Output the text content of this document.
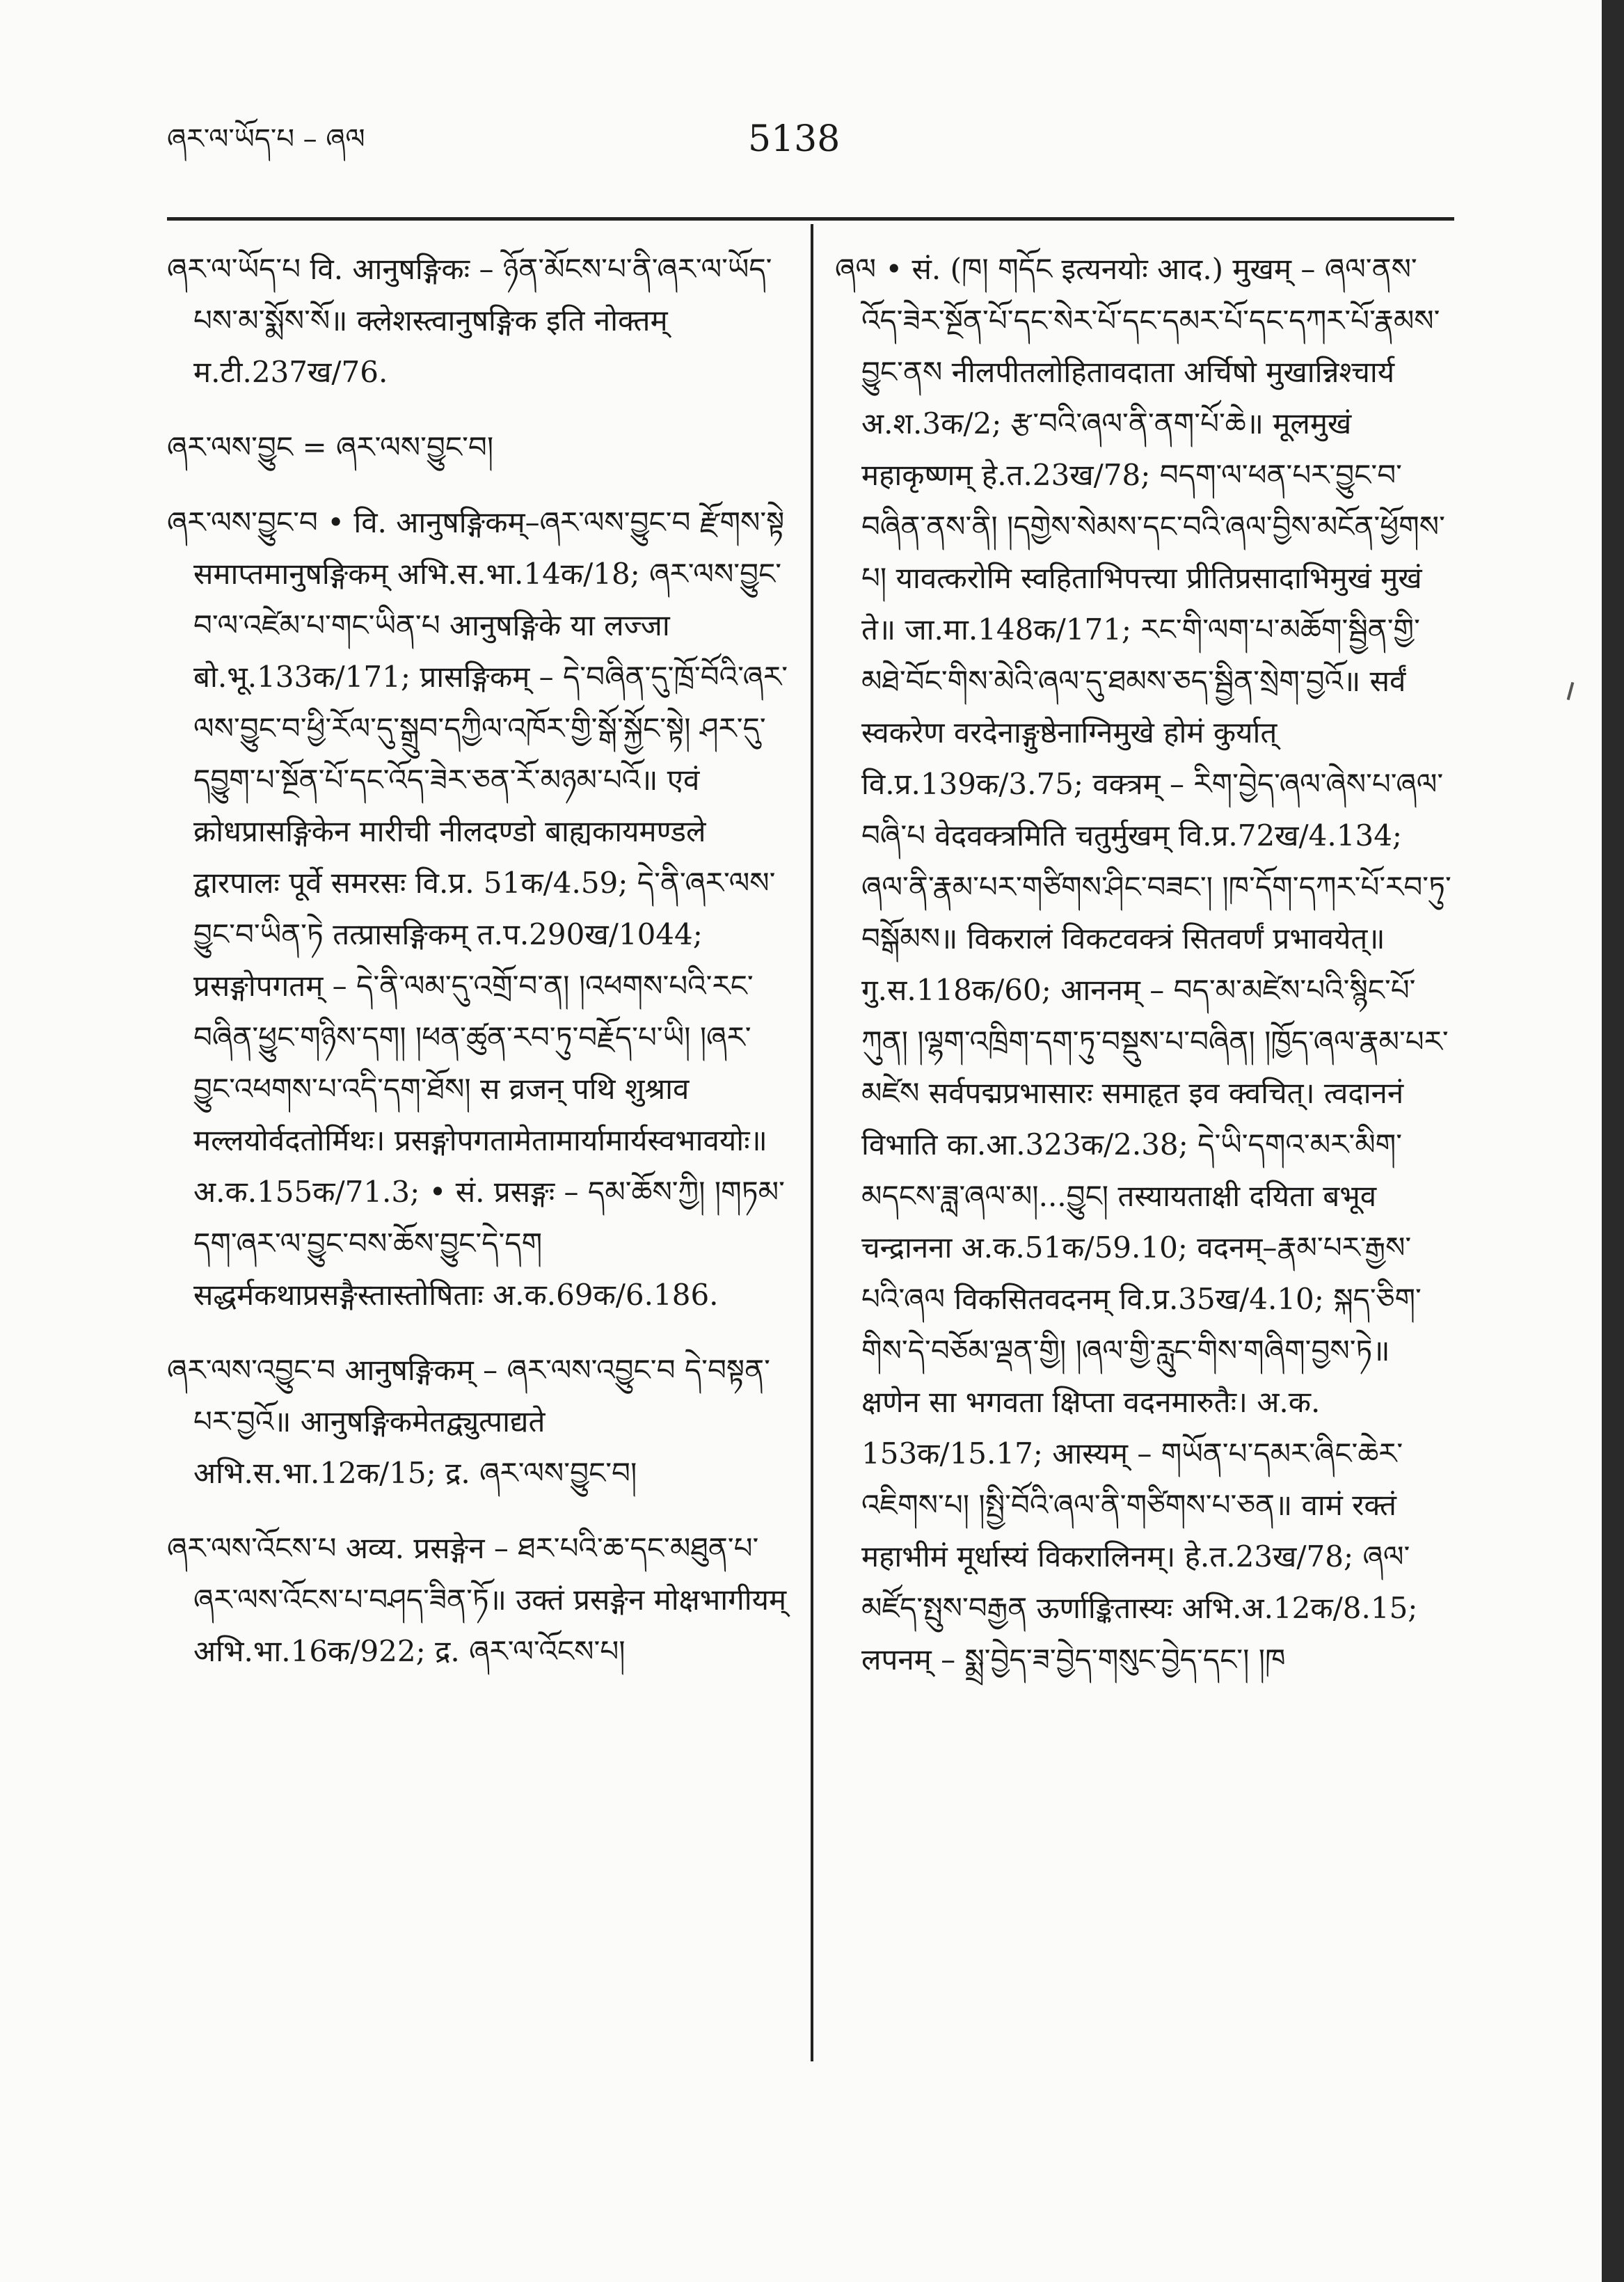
ཞར་ལ་ཡོད་པ – ཞལ	5138
ཞར་ལ་ཡོད་པ वि. आनुषङ्गिकः – ཉོན་མོངས་པ་ནི་ཞར་ལ་ཡོད་པས་མ་སྨོས་སོ॥ क्लेशस्त्वानुषङ्गिक इति नोक्तम् म.टी.237ख/76.
ཞར་ལས་བྱུང = ཞར་ལས་བྱུང་བ།
ཞར་ལས་བྱུང་བ • वि. आनुषङ्गिकम्–ཞར་ལས་བྱུང་བ རྫོགས་སྟེ समाप्तमानुषङ्गिकम् अभि.स.भा.14क/18; ཞར་ལས་བྱུང་བ་ལ་འཛེམ་པ་གང་ཡིན་པ आनुषङ्गिके या लज्जा बो.भू.133क/171; प्रासङ्गिकम् – དེ་བཞིན་དུ་ཁྲོ་བོའི་ཞར་ལས་བྱུང་བ་ཕྱི་རོལ་དུ་སྒྲུབ་དཀྱིལ་འཁོར་གྱི་སྒོ་སྐྱོང་སྟེ། ཤར་དུ་དབྱུག་པ་སྔོན་པོ་དང་འོད་ཟེར་ཅན་རོ་མཉམ་པའོ॥ एवं क्रोधप्रासङ्गिकेन मारीची नीलदण्डो बाह्यकायमण्डले द्वारपालः पूर्वे समरसः वि.प्र. 51क/4.59; དེ་ནི་ཞར་ལས་བྱུང་བ་ཡིན་ཏེ तत्प्रासङ्गिकम् त.प.290ख/1044; प्रसङ्गोपगतम् – དེ་ནི་ལམ་དུ་འགྲོ་བ་ན། །འཕགས་པའི་རང་བཞིན་ཕྱུང་གཉིས་དག། །ཕན་ཚུན་རབ་ཏུ་བརྗོད་པ་ཡི། །ཞར་བྱུང་འཕགས་པ་འདི་དག་ཐོས། स व्रजन् पथि शुश्राव मल्लयोर्वदतोर्मिथः। प्रसङ्गोपगतामेतामार्यामार्यस्वभावयोः॥ अ.क.155क/71.3; • सं. प्रसङ्गः – དམ་ཆོས་ཀྱི། །གཏམ་དག་ཞར་ལ་བྱུང་བས་ཆོས་བྱུང་དེ་དག सद्धर्मकथाप्रसङ्गैस्तास्तोषिताः अ.क.69क/6.186.
ཞར་ལས་འབྱུང་བ आनुषङ्गिकम् – ཞར་ལས་འབྱུང་བ དེ་བསྟན་པར་བྱའོ॥ आनुषङ्गिकमेतद्व्युत्पाद्यते अभि.स.भा.12क/15; द्र. ཞར་ལས་བྱུང་བ།
ཞར་ལས་འོངས་པ अव्य. प्रसङ्गेन – ཐར་པའི་ཆ་དང་མཐུན་པ་ཞར་ལས་འོངས་པ་བཤད་ཟིན་ཏོ॥ उक्तं प्रसङ्गेन मोक्षभागीयम् अभि.भा.16क/922; द्र. ཞར་ལ་འོངས་པ།
ཞལ • सं. (ཁ། གདོང इत्यनयोः आद.) मुखम् – ཞལ་ནས་འོད་ཟེར་སྔོན་པོ་དང་སེར་པོ་དང་དམར་པོ་དང་དཀར་པོ་རྣམས་བྱུང་ནས नीलपीतलोहितावदाता अर्चिषो मुखान्निश्चार्य अ.श.3क/2; རྩ་བའི་ཞལ་ནི་ནག་པོ་ཆེ॥ मूलमुखं महाकृष्णम् हे.त.23ख/78; བདག་ལ་ཕན་པར་བྱུང་བ་བཞིན་ནས་ནི། །དགྱེས་སེམས་དང་བའི་ཞལ་བྱིས་མངོན་ཕྱོགས་པ། यावत्करोमि स्वहिताभिपत्त्या प्रीतिप्रसादाभिमुखं मुखं ते॥ जा.मा.148क/171; རང་གི་ལག་པ་མཆོག་སྦྱིན་གྱི་མཐེ་བོང་གིས་མེའི་ཞལ་དུ་ཐམས་ཅད་སྦྱིན་སྲེག་བྱའོ॥ सर्वं स्वकरेण वरदेनाङ्गुष्ठेनाग्निमुखे होमं कुर्यात् वि.प्र.139क/3.75; वक्त्रम् – རིག་བྱེད་ཞལ་ཞེས་པ་ཞལ་བཞི་པ वेदवक्त्रमिति चतुर्मुखम् वि.प्र.72ख/4.134; ཞལ་ནི་རྣམ་པར་གཙིགས་ཤིང་བཟང་། །ཁ་དོག་དཀར་པོ་རབ་ཏུ་བསྒོམས॥ विकरालं विकटवक्त्रं सितवर्णं प्रभावयेत्॥ गु.स.118क/60; आननम् – བད་མ་མཛེས་པའི་སྙིང་པོ་ཀུན། །ལྷག་འཁྲིག་དག་ཏུ་བསྡུས་པ་བཞིན། །ཁྱོད་ཞལ་རྣམ་པར་མཛེས सर्वपद्मप्रभासारः समाहृत इव क्वचित्। त्वदाननं विभाति का.आ.323क/2.38; དེ་ཡི་དགའ་མར་མིག་མདངས་ཟླ་ཞལ་མ།...བྱུང། तस्यायताक्षी दयिता बभूव चन्द्रानना अ.क.51क/59.10; वदनम्–རྣམ་པར་རྒྱས་པའི་ཞལ विकसितवदनम् वि.प्र.35ख/4.10; སྐད་ཅིག་གིས་དེ་བཅོམ་ལྡན་གྱི། །ཞལ་གྱི་རླུང་གིས་གཞིག་བྱས་ཏེ॥ क्षणेन सा भगवता क्षिप्ता वदनमारुतैः। अ.क. 153क/15.17; आस्यम् – གཡོན་པ་དམར་ཞིང་ཆེར་འཇིགས་པ། །སྤྱི་བོའི་ཞལ་ནི་གཙིགས་པ་ཅན॥ वामं रक्तं महाभीमं मूर्धास्यं विकरालिनम्। हे.त.23ख/78; ཞལ་མཛོད་སྤུས་བརྒྱན ऊर्णाङ्कितास्यः अभि.अ.12क/8.15; लपनम् – སྨྲ་བྱེད་ཟ་བྱེད་གསུང་བྱེད་དང་། །ཁ
